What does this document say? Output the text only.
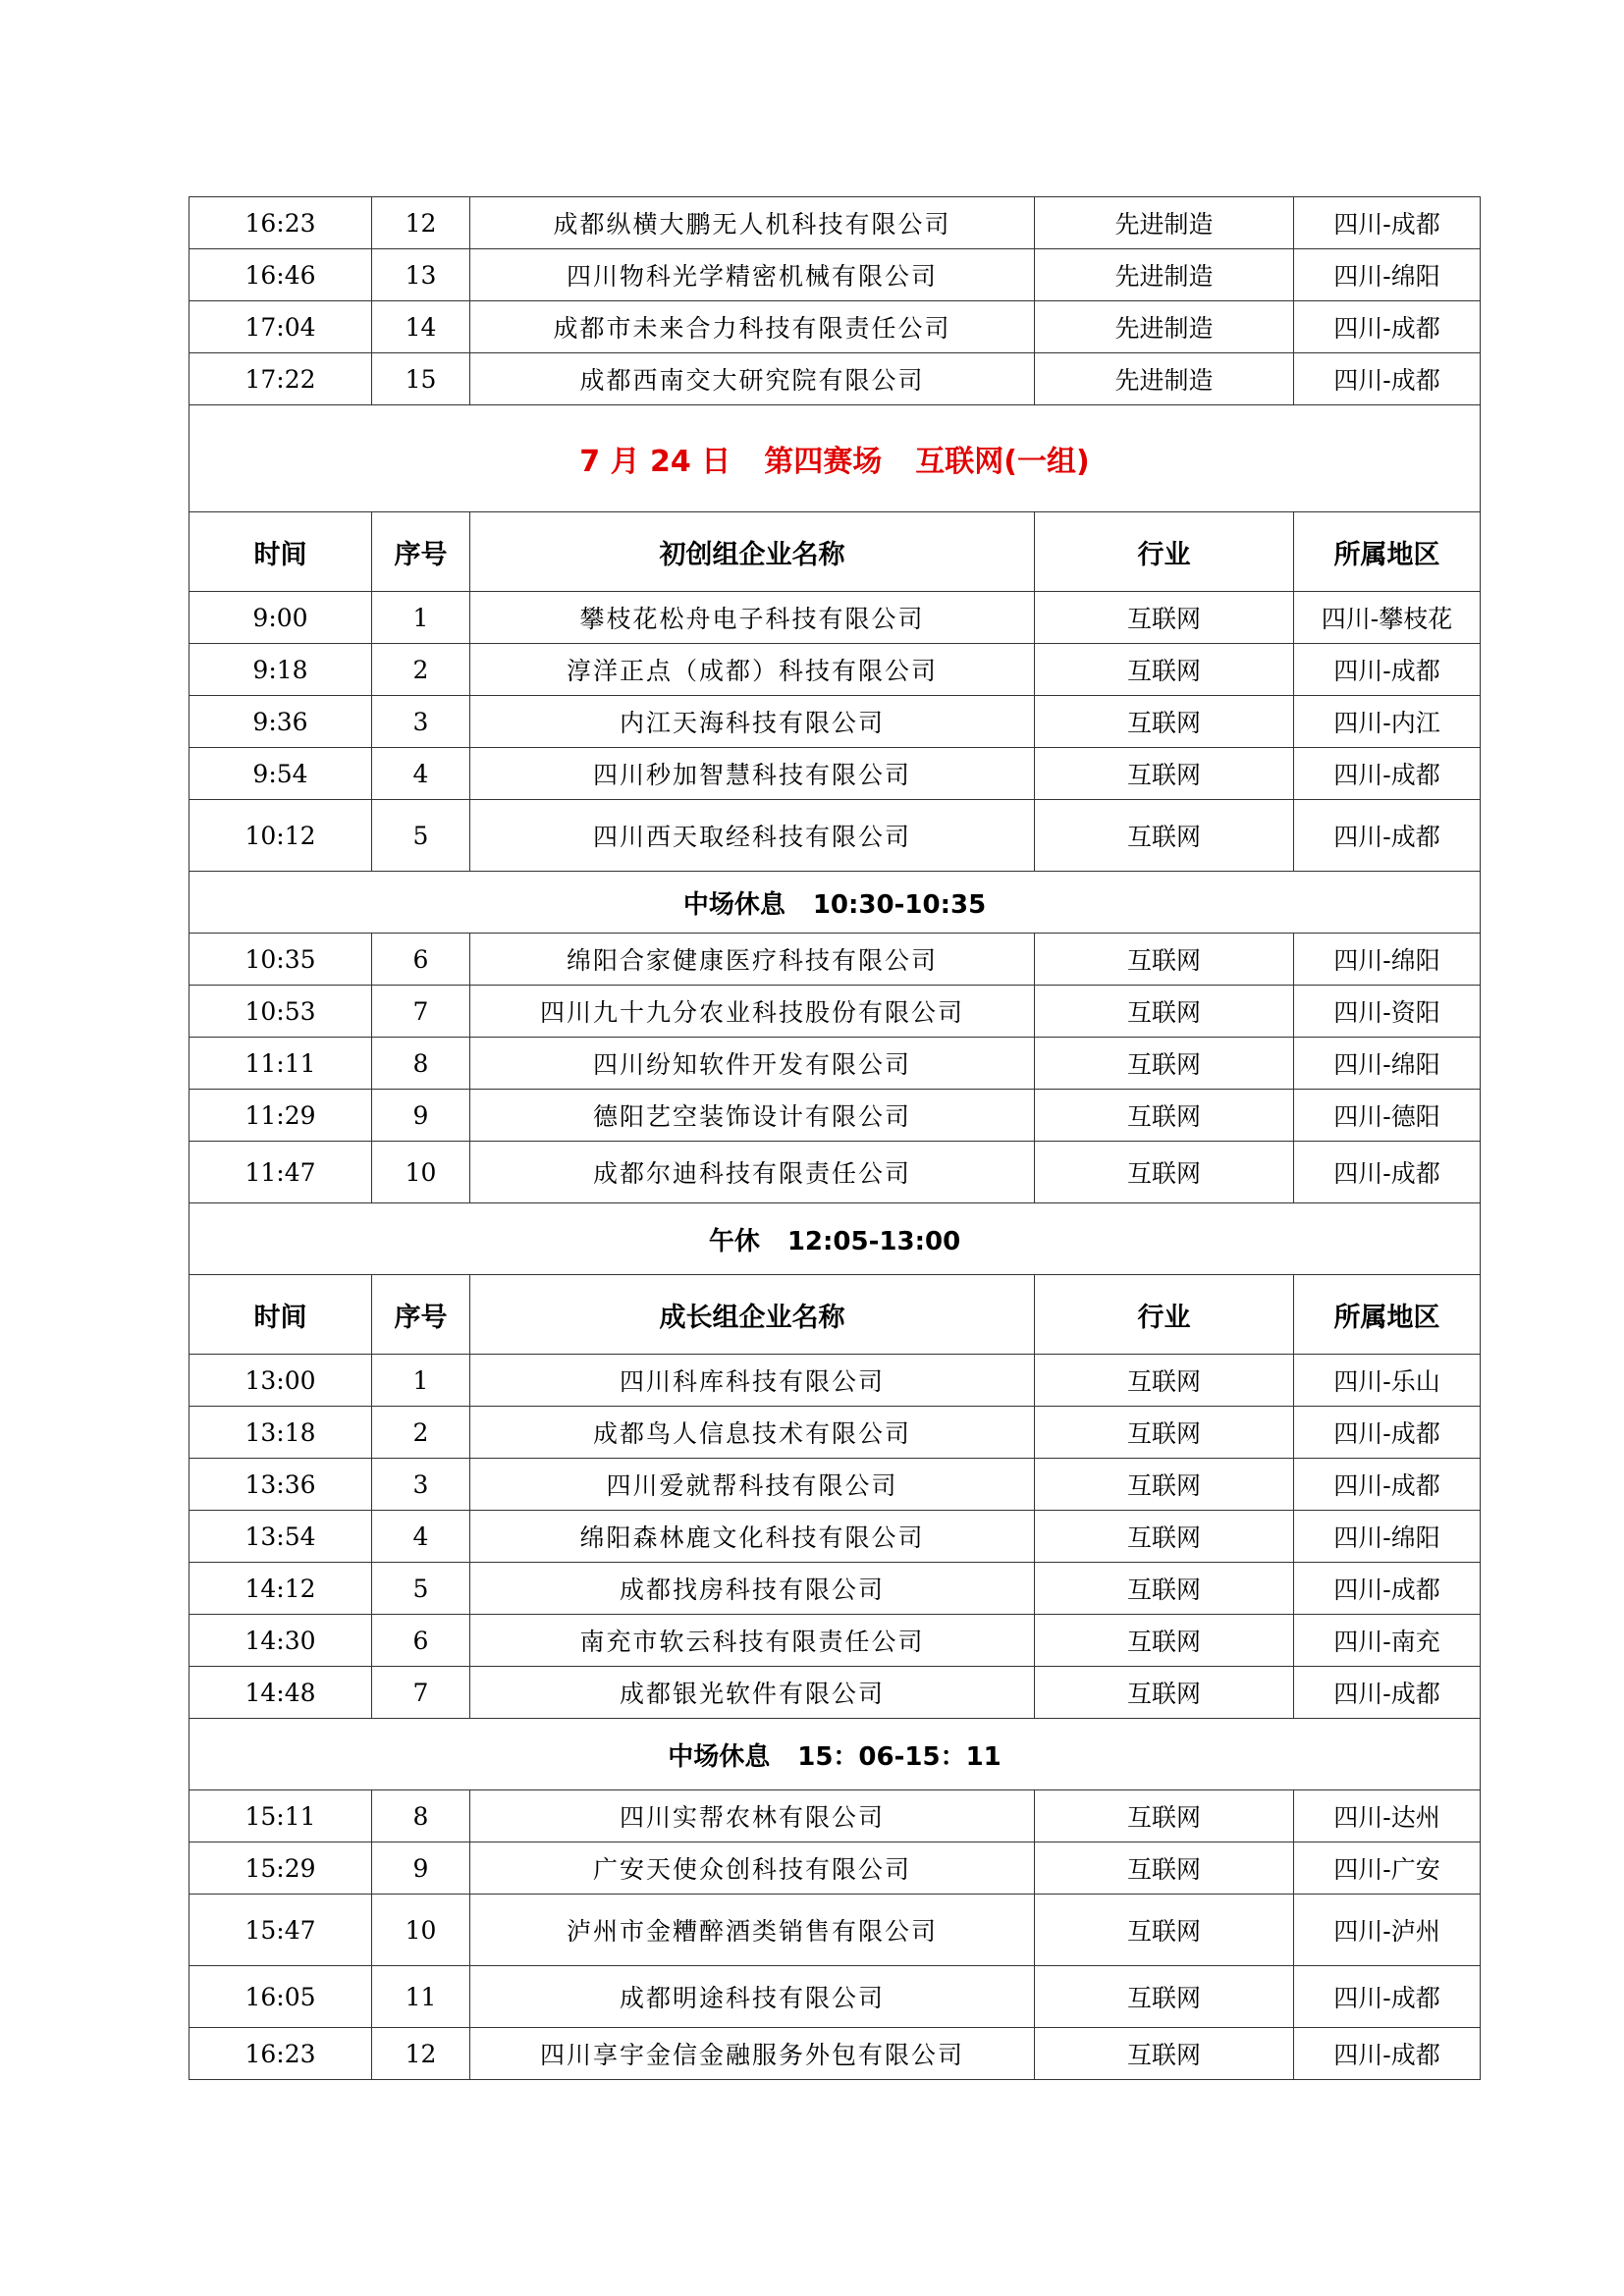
16:23	12	成都纵横大鹏无人机科技有限公司	先进制造	四川-成都
16:46	13	四川物科光学精密机械有限公司	先进制造	四川-绵阳
17:04	14	成都市未来合力科技有限责任公司	先进制造	四川-成都
17:22	15	成都西南交大研究院有限公司	先进制造	四川-成都
7 月 24 日 第四赛场 互联网(一组)				
时间	序号	初创组企业名称	行业	所属地区
9:00	1	攀枝花松舟电子科技有限公司	互联网	四川-攀枝花
9:18	2	淳洋正点（成都）科技有限公司	互联网	四川-成都
9:36	3	内江天海科技有限公司	互联网	四川-内江
9:54	4	四川秒加智慧科技有限公司	互联网	四川-成都
10:12	5	四川西天取经科技有限公司	互联网	四川-成都
中场休息 10:30-10:35				
10:35	6	绵阳合家健康医疗科技有限公司	互联网	四川-绵阳
10:53	7	四川九十九分农业科技股份有限公司	互联网	四川-资阳
11:11	8	四川纷知软件开发有限公司	互联网	四川-绵阳
11:29	9	德阳艺空装饰设计有限公司	互联网	四川-德阳
11:47	10	成都尔迪科技有限责任公司	互联网	四川-成都
午休 12:05-13:00				
时间	序号	成长组企业名称	行业	所属地区
13:00	1	四川科库科技有限公司	互联网	四川-乐山
13:18	2	成都鸟人信息技术有限公司	互联网	四川-成都
13:36	3	四川爱就帮科技有限公司	互联网	四川-成都
13:54	4	绵阳森林鹿文化科技有限公司	互联网	四川-绵阳
14:12	5	成都找房科技有限公司	互联网	四川-成都
14:30	6	南充市软云科技有限责任公司	互联网	四川-南充
14:48	7	成都银光软件有限公司	互联网	四川-成都
中场休息 15：06-15：11				
15:11	8	四川实帮农林有限公司	互联网	四川-达州
15:29	9	广安天使众创科技有限公司	互联网	四川-广安
15:47	10	泸州市金糟醉酒类销售有限公司	互联网	四川-泸州
16:05	11	成都明途科技有限公司	互联网	四川-成都
16:23	12	四川享宇金信金融服务外包有限公司	互联网	四川-成都
